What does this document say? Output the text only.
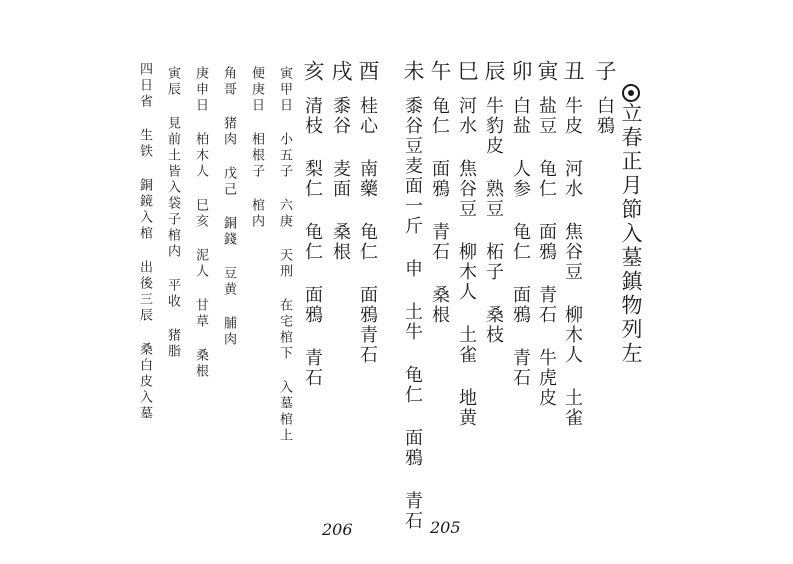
立春正月節入墓鎮物列左
子
白鴉
丑
牛皮 河水 焦谷豆 柳木人 土雀
寅
盐豆 龟仁 面鴉 青石 牛虎皮
卯
白盐 人参 龟仁 面鴉 青石
辰
牛豹皮 熟豆 柘子 桑枝
巳
河水 焦谷豆 柳木人 土雀 地黄
午
龟仁 面鴉 青石 桑根
未
黍谷豆麦面一斤 申 土牛 龟仁 面鴉 青石
酉
桂心 南藥 龟仁 面鴉青石
戌
黍谷 麦面 桑根
亥
清枝 梨仁 龟仁 面鴉 青石
寅甲日 小五子 六庚 天刑 在宅棺下 入墓棺上
便庚日 相根子 棺内
角哥 猪肉 戊己 銅錢 豆黄 脯肉
庚申日 柏木人 巳亥 泥人 甘草 桑根
寅辰 見前土皆入袋子棺内 平收 猪脂
四日省 生铁 銅鏡入棺 出後三辰 桑白皮入墓
206	205
